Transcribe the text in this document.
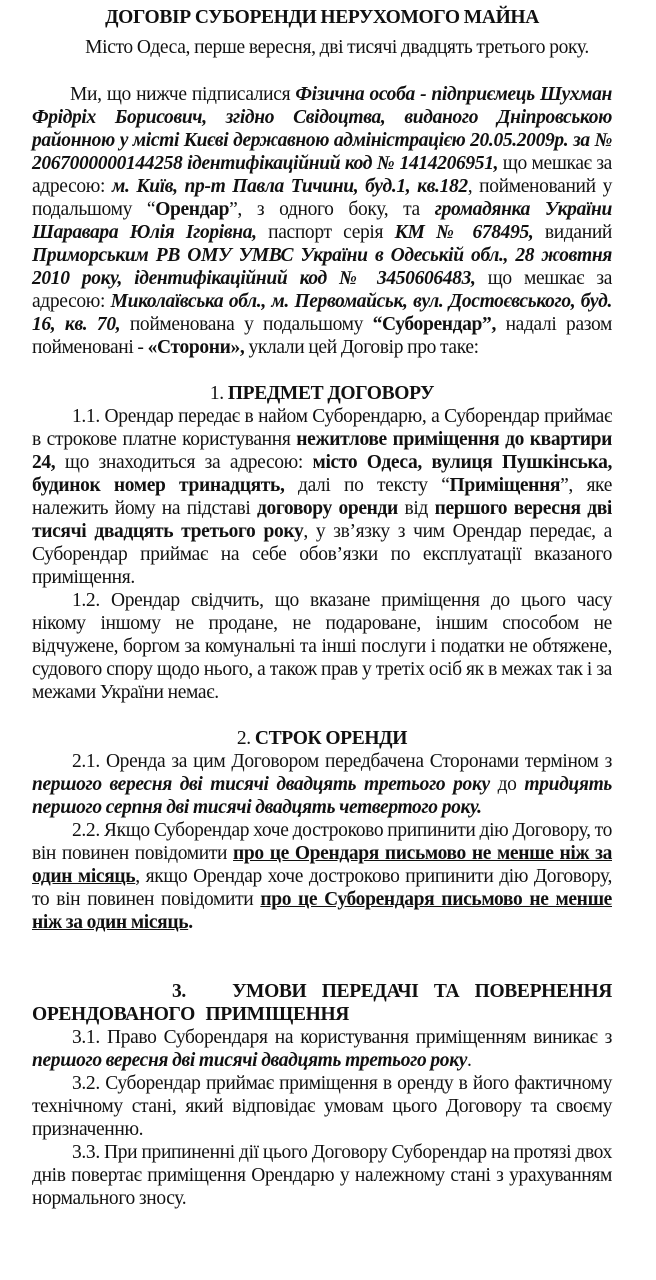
ДОГОВІР СУБОРЕНДИ НЕРУХОМОГО МАЙНА
Місто Одеса, перше вересня, дві тисячі двадцять третього року.

Ми, що нижче підписалися Фізична особа - підприємець Шухман Фрідріх Борисович, згідно Свідоцтва, виданого Дніпровською районною у місті Києві державною адміністрацією 20.05.2009р. за № 2067000000144258 ідентифікаційний код № 1414206951, що мешкає за адресою: м. Київ, пр-т Павла Тичини, буд.1, кв.182, пойменований у подальшому “Орендар”, з одного боку, та громадянка України Шаравара Юлія Ігорівна, паспорт серія КМ № 678495, виданий Приморським РВ ОМУ УМВС України в Одеській обл., 28 жовтня 2010 року, ідентифікаційний код № 3450606483, що мешкає за адресою: Миколаївська обл., м. Первомайськ, вул. Достоєвського, буд. 16, кв. 70, пойменована у подальшому “Суборендар”, надалі разом пойменовані - «Сторони», уклали цей Договір про таке:

1. ПРЕДМЕТ ДОГОВОРУ

1.1. Орендар передає в найом Суборендарю, а Суборендар приймає в строкове платне користування нежитлове приміщення до квартири 24, що знаходиться за адресою: місто Одеса, вулиця Пушкінська, будинок номер тринадцять, далі по тексту “Приміщення”, яке належить йому на підставі договору оренди від першого вересня дві тисячі двадцять третього року, у зв’язку з чим Орендар передає, а Суборендар приймає на себе обов’язки по експлуатації вказаного приміщення.

1.2. Орендар свідчить, що вказане приміщення до цього часу нікому іншому не продане, не подароване, іншим способом не відчужене, боргом за комунальні та інші послуги і податки не обтяжене, судового спору щодо нього, а також прав у третіх осіб як в межах так і за межами України немає.

2. СТРОК ОРЕНДИ

2.1. Оренда за цим Договором передбачена Сторонами терміном з першого вересня дві тисячі двадцять третього року до тридцять першого серпня дві тисячі двадцять четвертого року.

2.2. Якщо Суборендар хоче достроково припинити дію Договору, то він повинен повідомити про це Орендаря письмово не менше ніж за один місяць, якщо Орендар хоче достроково припинити дію Договору, то він повинен повідомити про це Суборендаря письмово не менше ніж за один місяць.

3.   УМОВИ ПЕРЕДАЧІ ТА ПОВЕРНЕННЯ ОРЕНДОВАНОГО ПРИМІЩЕННЯ

3.1. Право Суборендаря на користування приміщенням виникає з першого вересня дві тисячі двадцять третього року.

3.2. Суборендар приймає приміщення в оренду в його фактичному технічному стані, який відповідає умовам цього Договору та своєму призначенню.

3.3. При припиненні дії цього Договору Суборендар на протязі двох днів повертає приміщення Орендарю у належному стані з урахуванням нормального зносу.
